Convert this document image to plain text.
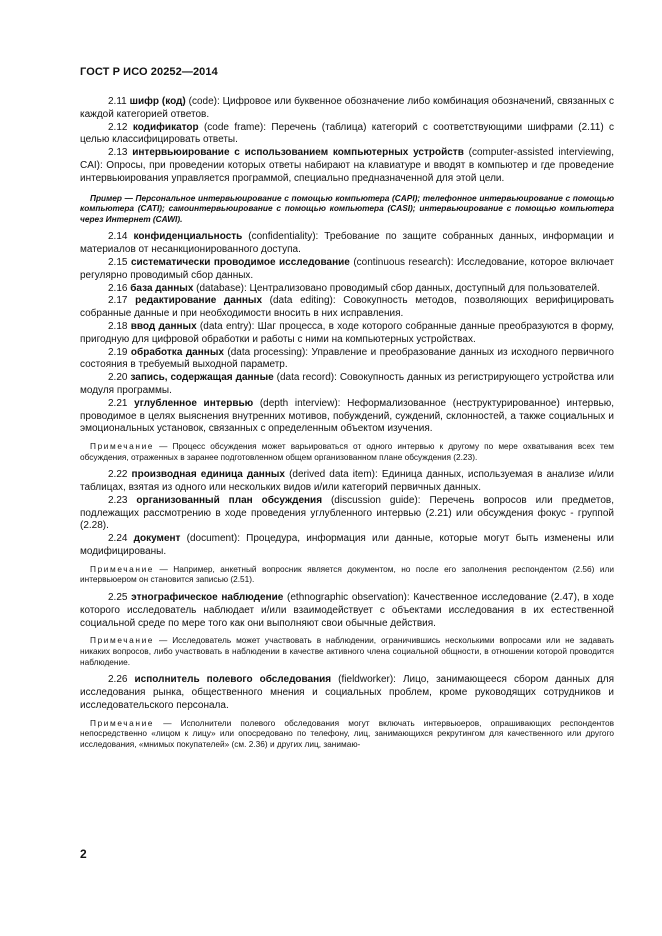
ГОСТ Р ИСО 20252—2014

2.11 шифр (код) (code): Цифровое или буквенное обозначение либо комбинация обозначений, связанных с каждой категорией ответов.

2.12 кодификатор (code frame): Перечень (таблица) категорий с соответствующими шифрами (2.11) с целью классифицировать ответы.

2.13 интервьюирование с использованием компьютерных устройств (computer-assisted interviewing, CAI): Опросы, при проведении которых ответы набирают на клавиатуре и вводят в компьютер и где проведение интервьюирования управляется программой, специально предназначенной для этой цели.

Пример — Персональное интервьюирование с помощью компьютера (CAPI); телефонное интервьюирование с помощью компьютера (CATI); самоинтервьюирование с помощью компьютера (CASI); интервьюирование с помощью компьютера через Интернет (CAWI).

2.14 конфиденциальность (confidentiality): Требование по защите собранных данных, информации и материалов от несанкционированного доступа.

2.15 систематически проводимое исследование (continuous research): Исследование, которое включает регулярно проводимый сбор данных.

2.16 база данных (database): Централизовано проводимый сбор данных, доступный для пользователей.

2.17 редактирование данных (data editing): Совокупность методов, позволяющих верифицировать собранные данные и при необходимости вносить в них исправления.

2.18 ввод данных (data entry): Шаг процесса, в ходе которого собранные данные преобразуются в форму, пригодную для цифровой обработки и работы с ними на компьютерных устройствах.

2.19 обработка данных (data processing): Управление и преобразование данных из исходного первичного состояния в требуемый выходной параметр.

2.20 запись, содержащая данные (data record): Совокупность данных из регистрирующего устройства или модуля программы.

2.21 углубленное интервью (depth interview): Неформализованное (неструктурированное) интервью, проводимое в целях выяснения внутренних мотивов, побуждений, суждений, склонностей, а также социальных и эмоциональных установок, связанных с определенным объектом изучения.

Примечание — Процесс обсуждения может варьироваться от одного интервью к другому по мере охватывания всех тем обсуждения, отраженных в заранее подготовленном общем организованном плане обсуждения (2.23).

2.22 производная единица данных (derived data item): Единица данных, используемая в анализе и/или таблицах, взятая из одного или нескольких видов и/или категорий первичных данных.

2.23 организованный план обсуждения (discussion guide): Перечень вопросов или предметов, подлежащих рассмотрению в ходе проведения углубленного интервью (2.21) или обсуждения фокус - группой (2.28).

2.24 документ (document): Процедура, информация или данные, которые могут быть изменены или модифицированы.

Примечание — Например, анкетный вопросник является документом, но после его заполнения респондентом (2.56) или интервьюером он становится записью (2.51).

2.25 этнографическое наблюдение (ethnographic observation): Качественное исследование (2.47), в ходе которого исследователь наблюдает и/или взаимодействует с объектами исследования в их естественной социальной среде по мере того как они выполняют свои обычные действия.

Примечание — Исследователь может участвовать в наблюдении, ограничившись несколькими вопросами или не задавать никаких вопросов, либо участвовать в наблюдении в качестве активного члена социальной общности, в отношении которой проводится наблюдение.

2.26 исполнитель полевого обследования (fieldworker): Лицо, занимающееся сбором данных для исследования рынка, общественного мнения и социальных проблем, кроме руководящих сотрудников и исследовательского персонала.

Примечание — Исполнители полевого обследования могут включать интервьюеров, опрашивающих респондентов непосредственно «лицом к лицу» или опосредовано по телефону, лиц, занимающихся рекрутингом для качественного или другого исследования, «мнимых покупателей» (см. 2.36) и других лиц, занимаю-

2
